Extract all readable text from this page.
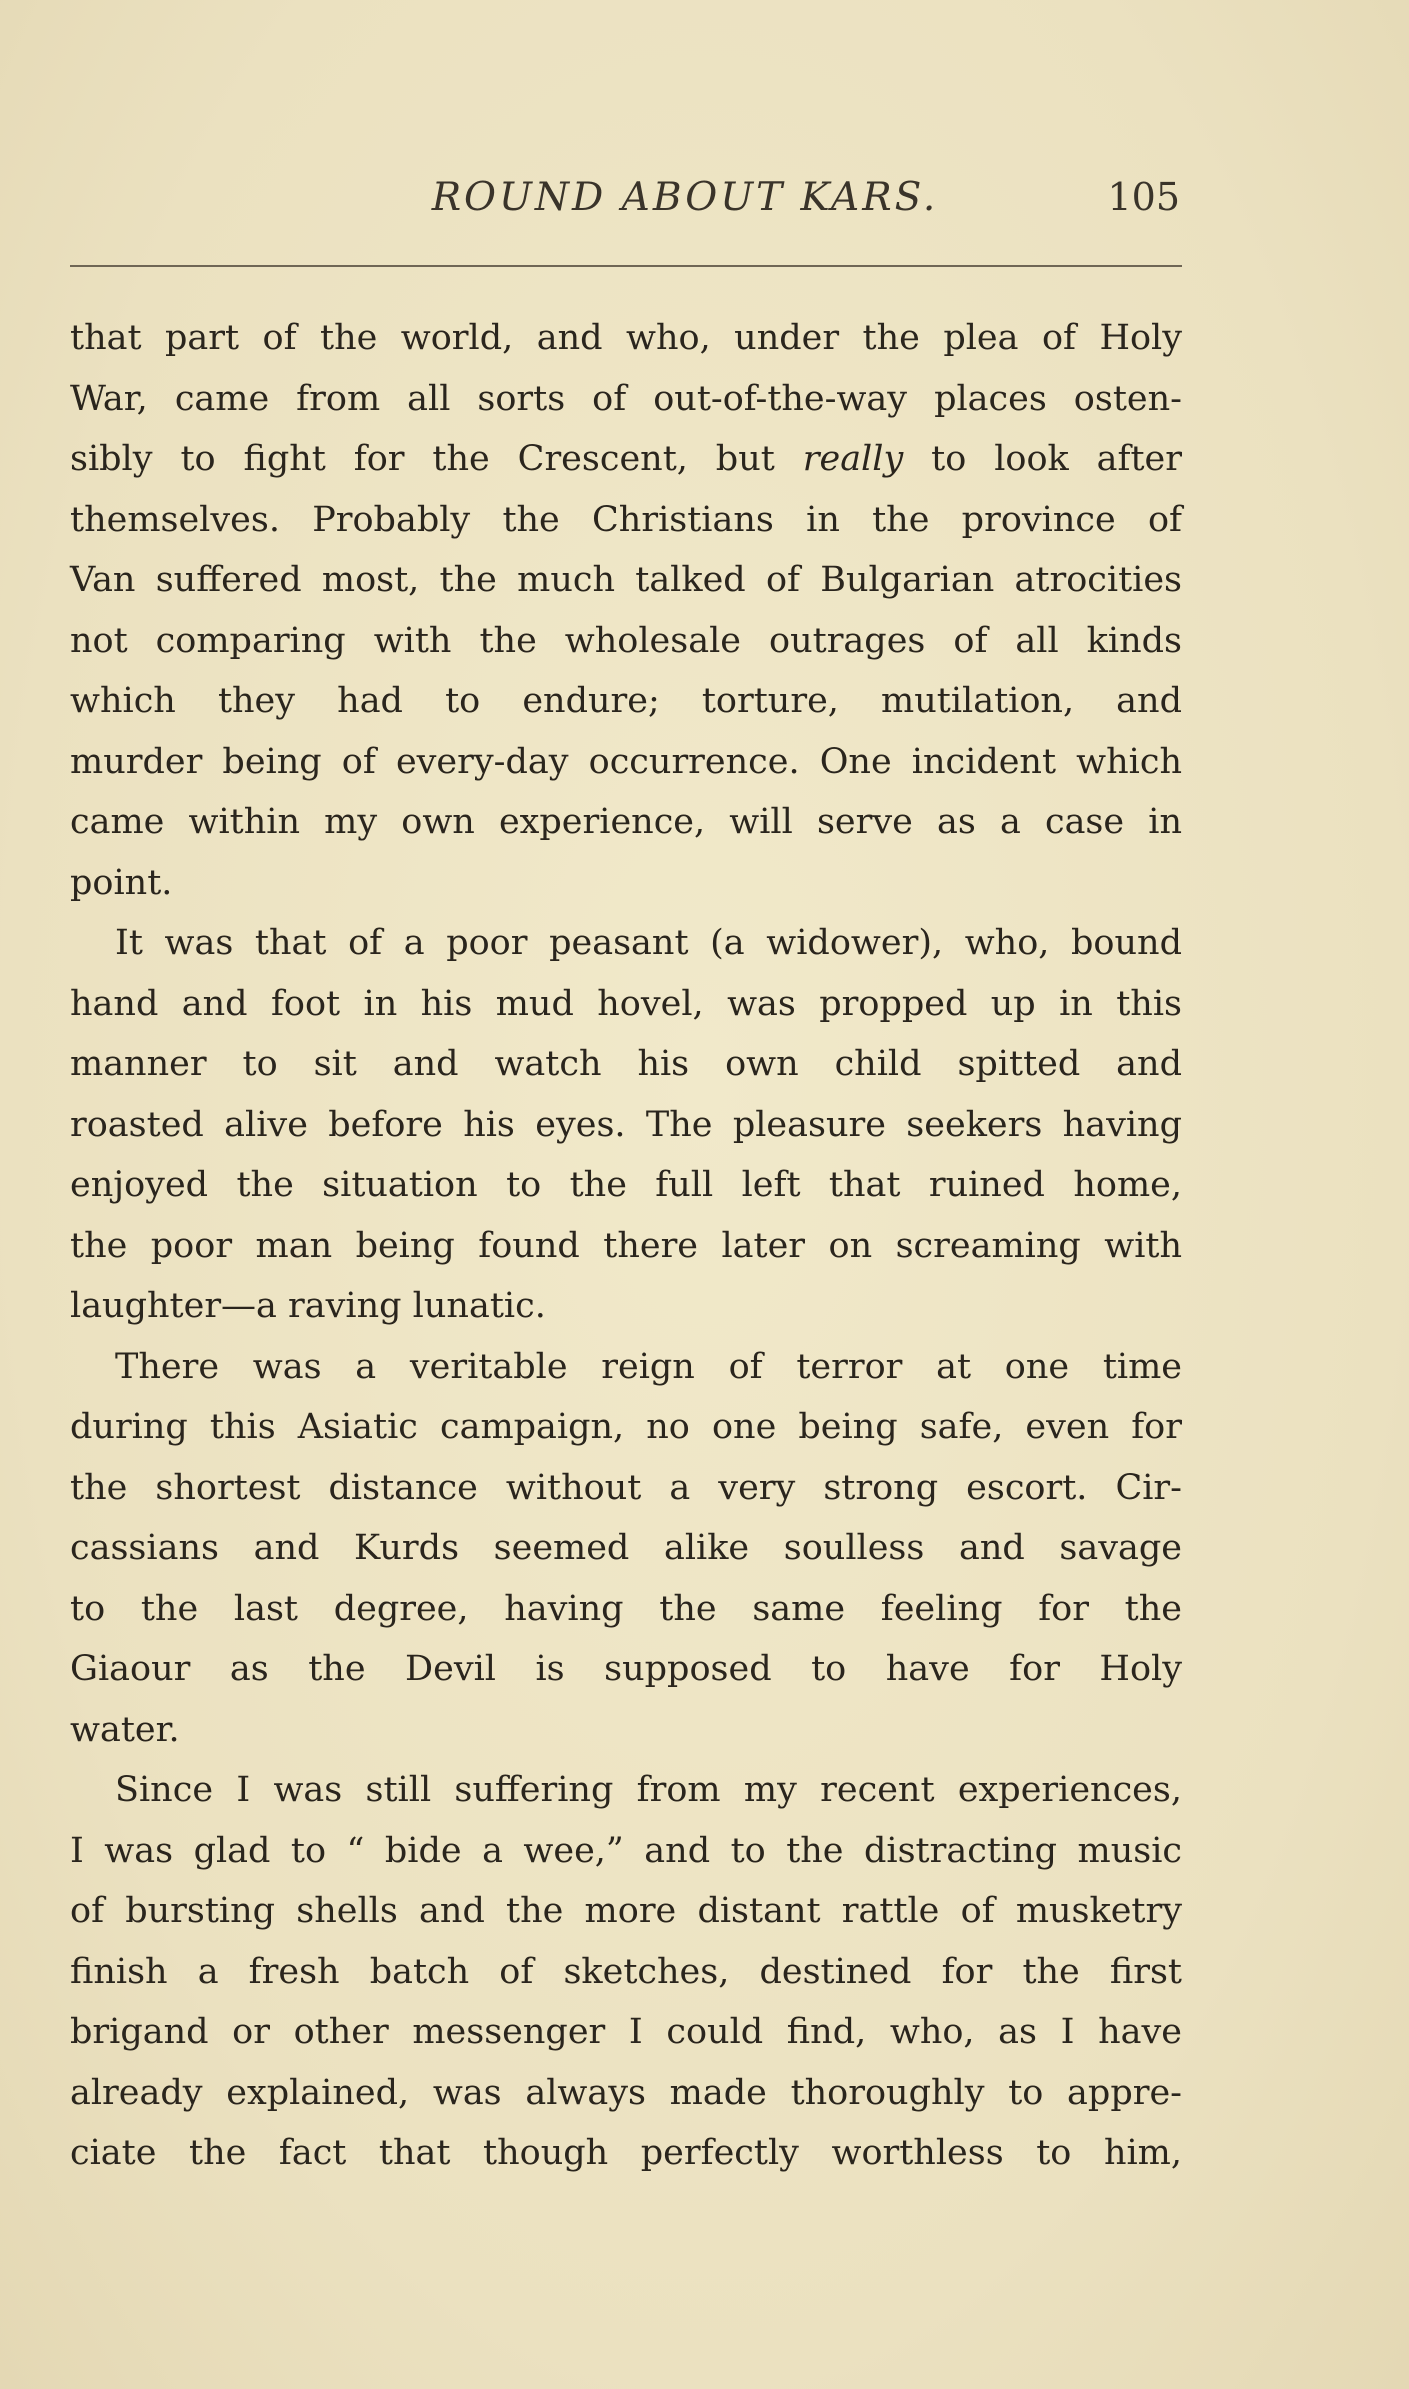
ROUND ABOUT KARS.	105
that part of the world, and who, under the plea of Holy
War, came from all sorts of out-of-the-way places osten-
sibly to fight for the Crescent, but really to look after
themselves. Probably the Christians in the province of
Van suffered most, the much talked of Bulgarian atrocities
not comparing with the wholesale outrages of all kinds
which they had to endure; torture, mutilation, and
murder being of every-day occurrence. One incident which
came within my own experience, will serve as a case in
point.
It was that of a poor peasant (a widower), who, bound
hand and foot in his mud hovel, was propped up in this
manner to sit and watch his own child spitted and
roasted alive before his eyes. The pleasure seekers having
enjoyed the situation to the full left that ruined home,
the poor man being found there later on screaming with
laughter—a raving lunatic.
There was a veritable reign of terror at one time
during this Asiatic campaign, no one being safe, even for
the shortest distance without a very strong escort. Cir-
cassians and Kurds seemed alike soulless and savage
to the last degree, having the same feeling for the
Giaour as the Devil is supposed to have for Holy
water.
Since I was still suffering from my recent experiences,
I was glad to “ bide a wee,” and to the distracting music
of bursting shells and the more distant rattle of musketry
finish a fresh batch of sketches, destined for the first
brigand or other messenger I could find, who, as I have
already explained, was always made thoroughly to appre-
ciate the fact that though perfectly worthless to him,
